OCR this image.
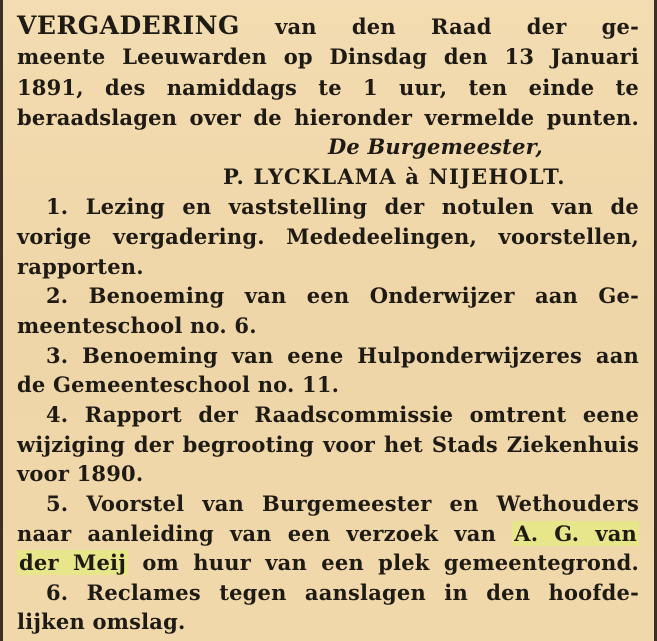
VERGADERING van den Raad der ge-
meente Leeuwarden op Dinsdag den 13 Januari
1891, des namiddags te 1 uur, ten einde te
beraadslagen over de hieronder vermelde punten.
De Burgemeester,
P. LYCKLAMA à NIJEHOLT.
1. Lezing en vaststelling der notulen van de
vorige vergadering. Mededeelingen, voorstellen,
rapporten.
2. Benoeming van een Onderwijzer aan Ge-
meenteschool no. 6.
3. Benoeming van eene Hulponderwijzeres aan
de Gemeenteschool no. 11.
4. Rapport der Raadscommissie omtrent eene
wijziging der begrooting voor het Stads Ziekenhuis
voor 1890.
5. Voorstel van Burgemeester en Wethouders
naar aanleiding van een verzoek van A. G. van
der Meij om huur van een plek gemeentegrond.
6. Reclames tegen aanslagen in den hoofde-
lijken omslag.
